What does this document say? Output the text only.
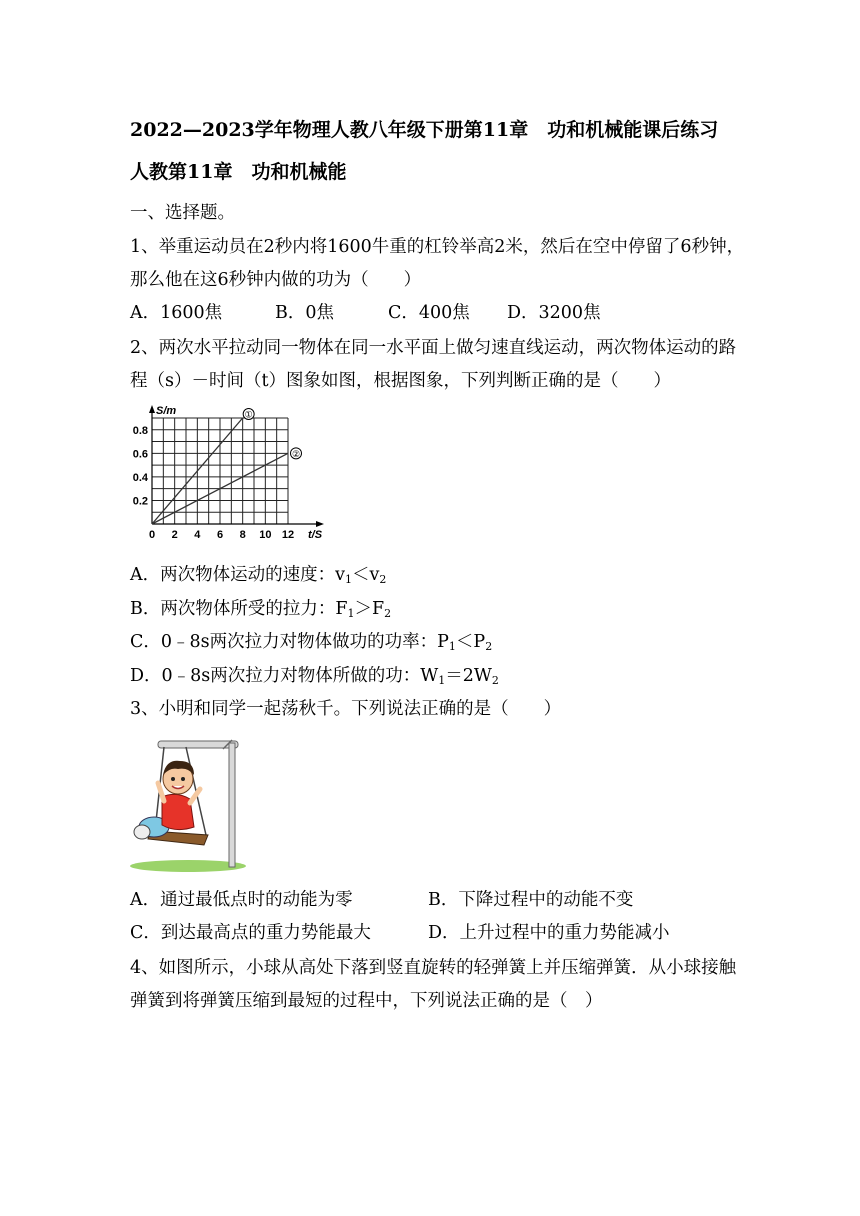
2022—2023学年物理人教八年级下册第11章　功和机械能课后练习
人教第11章　功和机械能
一、选择题。
1、举重运动员在2秒内将1600牛重的杠铃举高2米，然后在空中停留了6秒钟，
那么他在这6秒钟内做的功为（　　）
A．1600焦	B．0焦	C．400焦 D．3200焦
2、两次水平拉动同一物体在同一水平面上做匀速直线运动，两次物体运动的路
程（s）－时间（t）图象如图，根据图象，下列判断正确的是（　　）
0 2 4 6 8 10 12
0.2
0.4
0.6
0.8
t/S
S/m	①
②
A．两次物体运动的速度：$v_1<v_2$
B．两次物体所受的拉力：$F_1>F_2$
C．0﹣8s两次拉力对物体做功的功率：$P_1<P_2$
D．0﹣8s两次拉力对物体所做的功：$W_1=2W_2$
3、小明和同学一起荡秋千。下列说法正确的是（　　）
A．通过最低点时的动能为零	B．下降过程中的动能不变
C．到达最高点的重力势能最大	D．上升过程中的重力势能减小
4、如图所示，小球从高处下落到竖直旋转的轻弹簧上并压缩弹簧．从小球接触
弹簧到将弹簧压缩到最短的过程中，下列说法正确的是（　）
